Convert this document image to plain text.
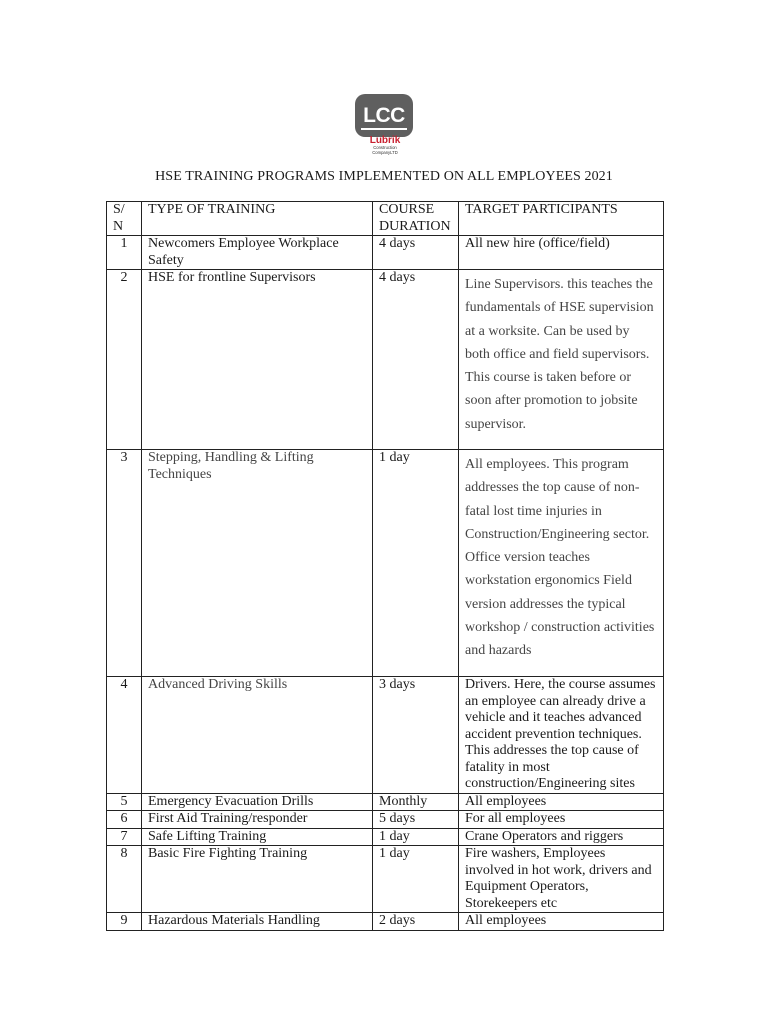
LCC
Lubrik
Construction
CompanyLTD
HSE TRAINING PROGRAMS IMPLEMENTED ON ALL EMPLOYEES 2021
S/ N	TYPE OF TRAINING	COURSE DURATION	TARGET PARTICIPANTS
1	Newcomers Employee Workplace Safety	4 days	All new hire (office/field)
2	HSE for frontline Supervisors	4 days	Line Supervisors. this teaches the fundamentals of HSE supervision at a worksite. Can be used by both office and field supervisors. This course is taken before or soon after promotion to jobsite supervisor.
3	Stepping, Handling & Lifting Techniques	1 day	All employees. This program addresses the top cause of non-fatal lost time injuries in Construction/Engineering sector. Office version teaches workstation ergonomics Field version addresses the typical workshop / construction activities and hazards
4	Advanced Driving Skills	3 days	Drivers. Here, the course assumes an employee can already drive a vehicle and it teaches advanced accident prevention techniques. This addresses the top cause of fatality in most construction/Engineering sites
5	Emergency Evacuation Drills	Monthly	All employees
6	First Aid Training/responder	5 days	For all employees
7	Safe Lifting Training	1 day	Crane Operators and riggers
8	Basic Fire Fighting Training	1 day	Fire washers, Employees involved in hot work, drivers and Equipment Operators, Storekeepers etc
9	Hazardous Materials Handling	2 days	All employees
